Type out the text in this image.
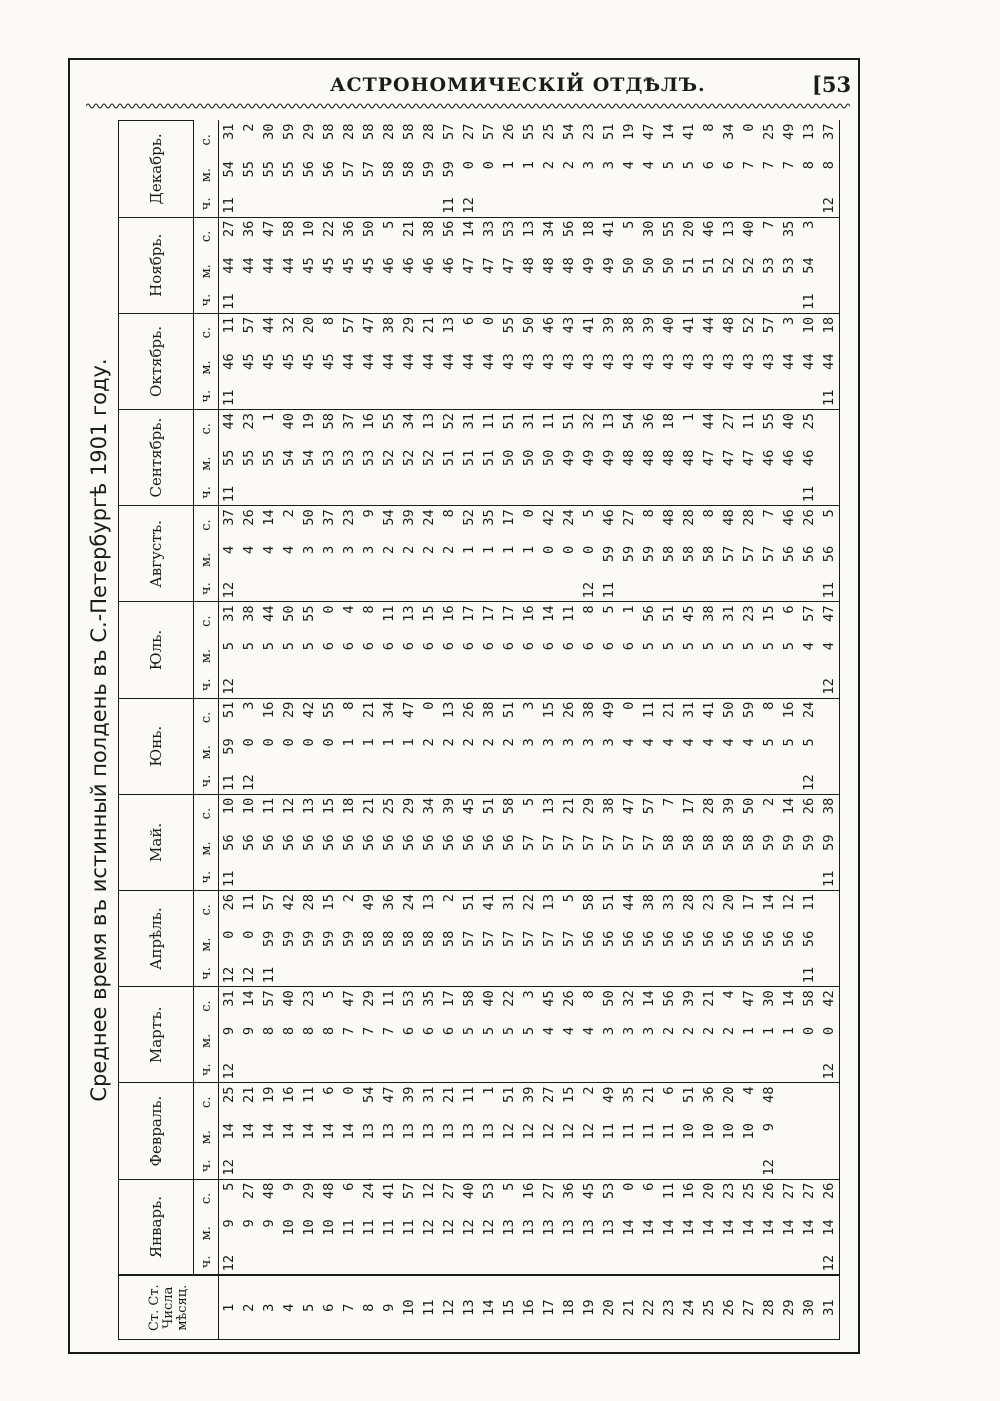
АСТРОНОМИЧЕСКIЙ ОТДѢЛЪ.	[53
Среднее время въ истинный полдень въ С.-Петербургѣ 1901 году.
Ст. Ст. Числа мѣсяц.	Январь.			Февраль.			Мартъ.			Апрѣль.			Май.			Юнь.			Юль.			Августъ.			Сентябрь.			Октябрь.			Ноябрь.			Декабрь.		
	ч.	м.	с.	ч.	м.	с.	ч.	м.	с.	ч.	м.	с.	ч.	м.	с.	ч.	м.	с.	ч.	м.	с.	ч.	м.	с.	ч.	м.	с.	ч.	м.	с.	ч.	м.	с.	ч.	м.	с.
1	12	9	5	12	14	25	12	9	31	12	0	26	11	56	10	11	59	51	12	5	31	12	4	37	11	55	44	11	46	11	11	44	27	11	54	31
2		9	27		14	21		9	14	12	0	11		56	10	12	0	3		5	38		4	26		55	23		45	57		44	36		55	2
3		9	48		14	19		8	57	11	59	57		56	11		0	16		5	44		4	14		55	1		45	44		44	47		55	30
4		10	9		14	16		8	40		59	42		56	12		0	29		5	50		4	2		54	40		45	32		44	58		55	59
5		10	29		14	11		8	23		59	28		56	13		0	42		5	55		3	50		54	19		45	20		45	10		56	29
6		10	48		14	6		8	5		59	15		56	15		0	55		6	0		3	37		53	58		45	8		45	22		56	58
7		11	6		14	0		7	47		59	2		56	18		1	8		6	4		3	23		53	37		44	57		45	36		57	28
8		11	24		13	54		7	29		58	49		56	21		1	21		6	8		3	9		53	16		44	47		45	50		57	58
9		11	41		13	47		7	11		58	36		56	25		1	34		6	11		2	54		52	55		44	38		46	5		58	28
10		11	57		13	39		6	53		58	24		56	29		1	47		6	13		2	39		52	34		44	29		46	21		58	58
11		12	12		13	31		6	35		58	13		56	34		2	0		6	15		2	24		52	13		44	21		46	38		59	28
12		12	27		13	21		6	17		58	2		56	39		2	13		6	16		2	8		51	52		44	13		46	56	11	59	57
13		12	40		13	11		5	58		57	51		56	45		2	26		6	17		1	52		51	31		44	6		47	14	12	0	27
14		12	53		13	1		5	40		57	41		56	51		2	38		6	17		1	35		51	11		44	0		47	33		0	57
15		13	5		12	51		5	22		57	31		56	58		2	51		6	17		1	17		50	51		43	55		47	53		1	26
16		13	16		12	39		5	3		57	22		57	5		3	3		6	16		1	0		50	31		43	50		48	13		1	55
17		13	27		12	27		4	45		57	13		57	13		3	15		6	14		0	42		50	11		43	46		48	34		2	25
18		13	36		12	15		4	26		57	5		57	21		3	26		6	11		0	24		49	51		43	43		48	56		2	54
19		13	45		12	2		4	8		56	58		57	29		3	38		6	8	12	0	5		49	32		43	41		49	18		3	23
20		13	53		11	49		3	50		56	51		57	38		3	49		6	5	11	59	46		49	13		43	39		49	41		3	51
21		14	0		11	35		3	32		56	44		57	47		4	0		6	1		59	27		48	54		43	38		50	5		4	19
22		14	6		11	21		3	14		56	38		57	57		4	11		5	56		59	8		48	36		43	39		50	30		4	47
23		14	11		11	6		2	56		56	33		58	7		4	21		5	51		58	48		48	18		43	40		50	55		5	14
24		14	16		10	51		2	39		56	28		58	17		4	31		5	45		58	28		48	1		43	41		51	20		5	41
25		14	20		10	36		2	21		56	23		58	28		4	41		5	38		58	8		47	44		43	44		51	46		6	8
26		14	23		10	20		2	4		56	20		58	39		4	50		5	31		57	48		47	27		43	48		52	13		6	34
27		14	25		10	4		1	47		56	17		58	50		4	59		5	23		57	28		47	11		43	52		52	40		7	0
28		14	26	12	9	48		1	30		56	14		59	2		5	8		5	15		57	7		46	55		43	57		53	7		7	25
29		14	27					1	14		56	12		59	14		5	16		5	6		56	46		46	40		44	3		53	35		7	49
30		14	27					0	58	11	56	11		59	26	12	5	24		4	57		56	26	11	46	25		44	10	11	54	3		8	13
31	12	14	26				12	0	42				11	59	38				12	4	47	11	56	5				11	44	18				12	8	37
